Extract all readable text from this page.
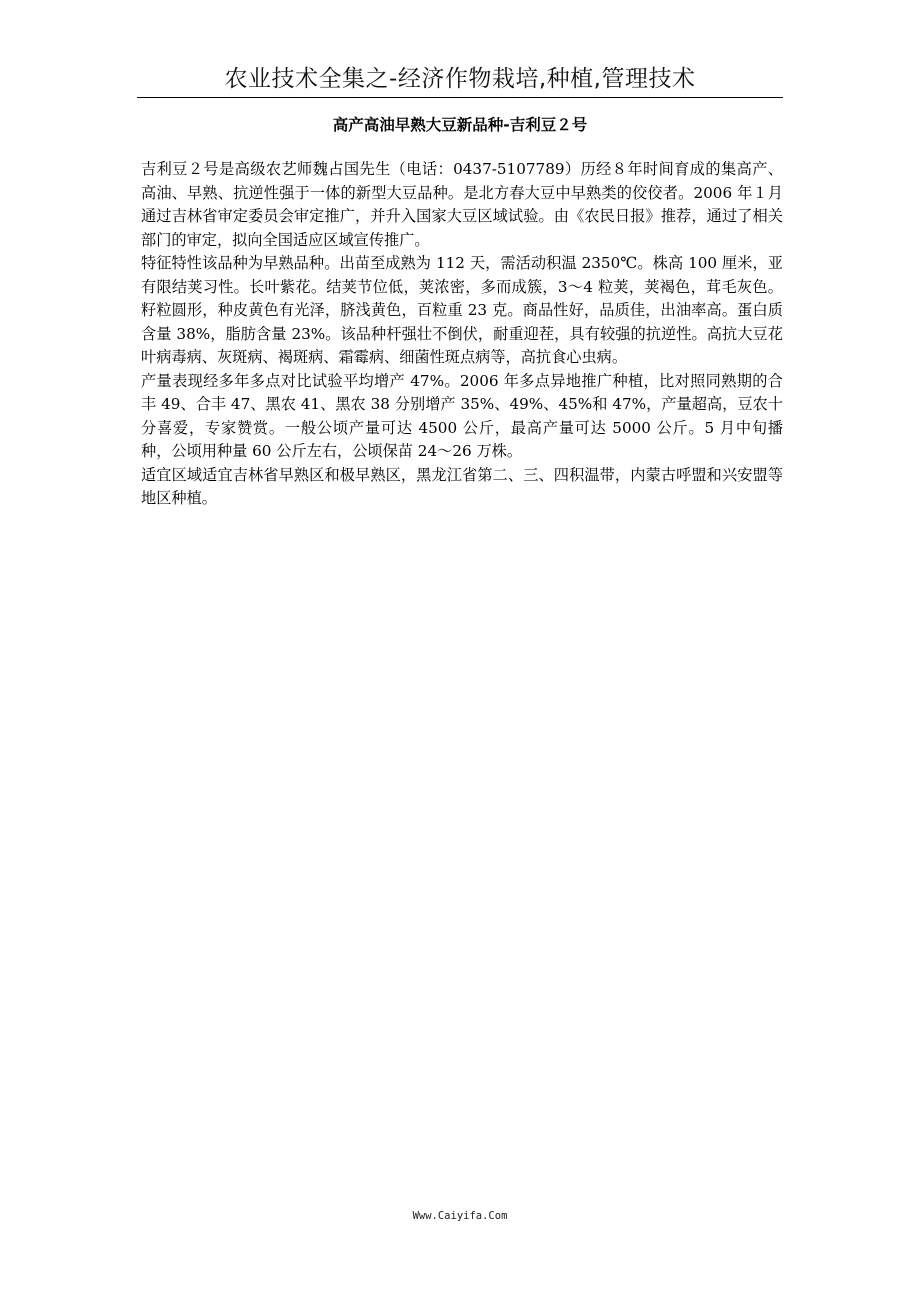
农业技术全集之-经济作物栽培,种植,管理技术
高产高油早熟大豆新品种-吉利豆２号

吉利豆２号是高级农艺师魏占国先生（电话：0437-5107789）历经８年时间育成的集高产、高油、早熟、抗逆性强于一体的新型大豆品种。是北方春大豆中早熟类的佼佼者。2006 年１月通过吉林省审定委员会审定推广，并升入国家大豆区域试验。由《农民日报》推荐，通过了相关部门的审定，拟向全国适应区域宣传推广。

特征特性该品种为早熟品种。出苗至成熟为 112 天，需活动积温 2350℃。株高 100 厘米，亚有限结荚习性。长叶紫花。结荚节位低，荚浓密，多而成簇，3～4 粒荚，荚褐色，茸毛灰色。籽粒圆形，种皮黄色有光泽，脐浅黄色，百粒重 23 克。商品性好，品质佳，出油率高。蛋白质含量 38%，脂肪含量 23%。该品种杆强壮不倒伏，耐重迎茬，具有较强的抗逆性。高抗大豆花叶病毒病、灰斑病、褐斑病、霜霉病、细菌性斑点病等，高抗食心虫病。

产量表现经多年多点对比试验平均增产 47%。2006 年多点异地推广种植，比对照同熟期的合丰 49、合丰 47、黑农 41、黑农 38 分别增产 35%、49%、45%和 47%，产量超高，豆农十分喜爱，专家赞赏。一般公顷产量可达 4500 公斤，最高产量可达 5000 公斤。5 月中旬播种，公顷用种量 60 公斤左右，公顷保苗 24～26 万株。

适宜区域适宜吉林省早熟区和极早熟区，黑龙江省第二、三、四积温带，内蒙古呼盟和兴安盟等地区种植。

Www.Caiyifa.Com
